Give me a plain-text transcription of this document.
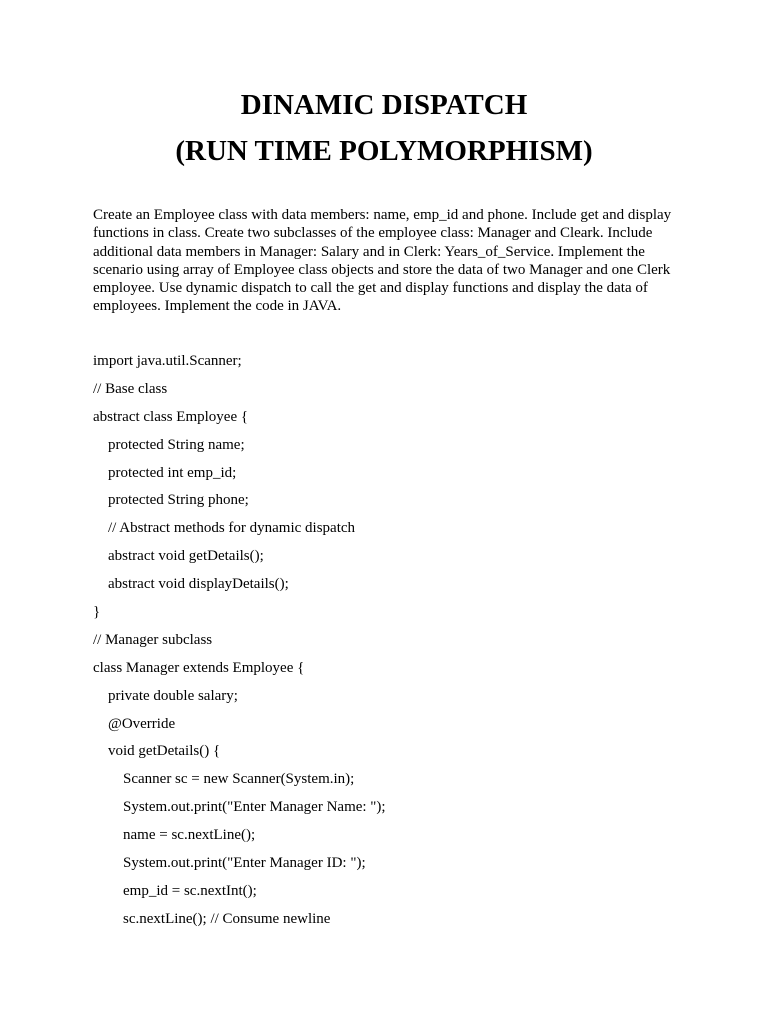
DINAMIC DISPATCH
(RUN TIME POLYMORPHISM)

Create an Employee class with data members: name, emp_id and phone. Include get and display functions in class. Create two subclasses of the employee class: Manager and Cleark. Include additional data members in Manager: Salary and in Clerk: Years_of_Service. Implement the scenario using array of Employee class objects and store the data of two Manager and one Clerk employee. Use dynamic dispatch to call the get and display functions and display the data of employees. Implement the code in JAVA.

import java.util.Scanner;
// Base class
abstract class Employee {
protected String name;
protected int emp_id;
protected String phone;
// Abstract methods for dynamic dispatch
abstract void getDetails();
abstract void displayDetails();
}
// Manager subclass
class Manager extends Employee {
private double salary;
@Override
void getDetails() {
Scanner sc = new Scanner(System.in);
System.out.print("Enter Manager Name: ");
name = sc.nextLine();
System.out.print("Enter Manager ID: ");
emp_id = sc.nextInt();
sc.nextLine(); // Consume newline
